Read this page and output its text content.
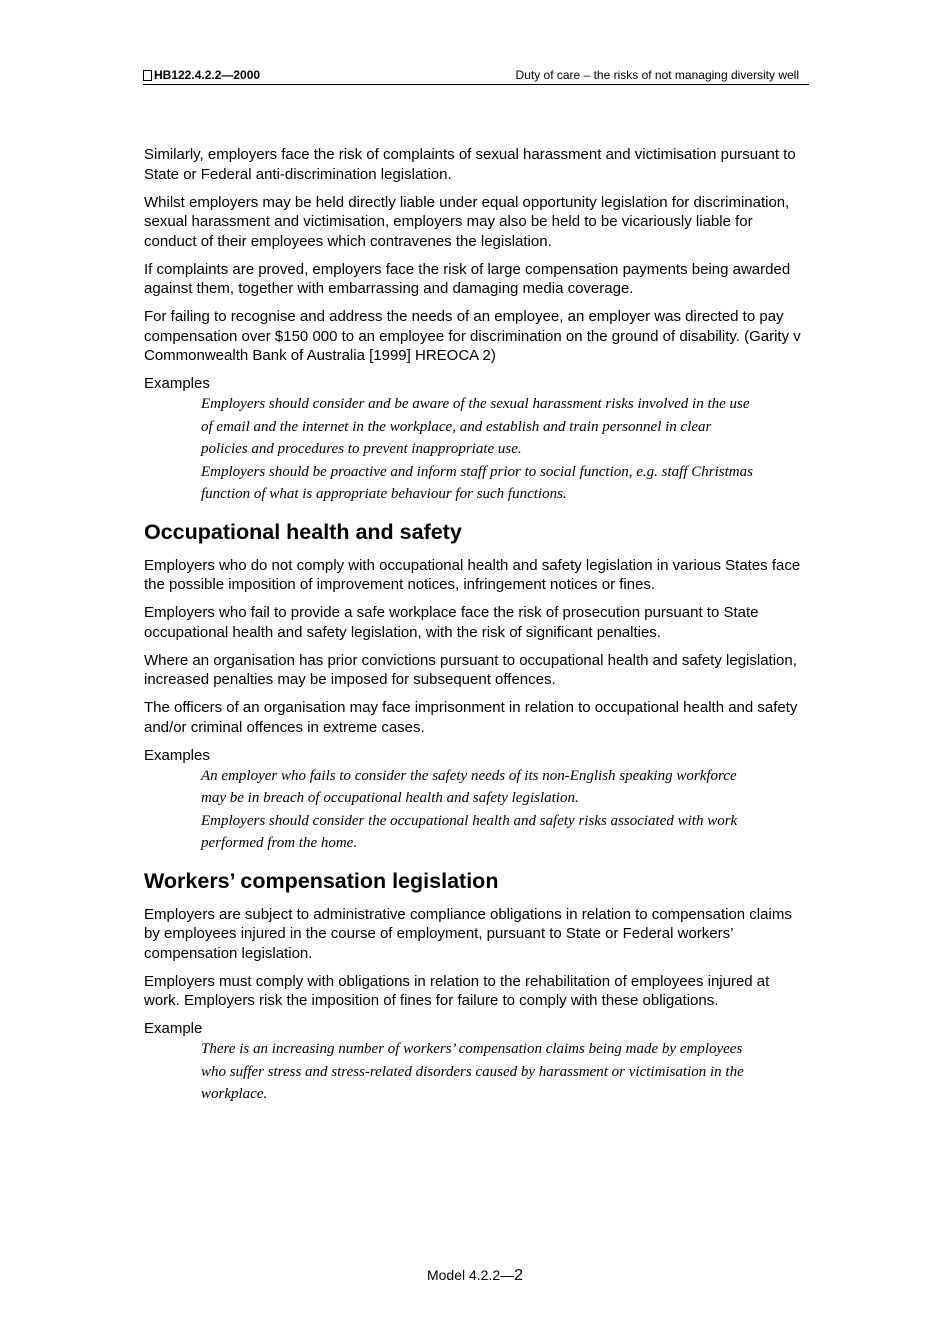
HB122.4.2.2—2000	Duty of care – the risks of not managing diversity well

Similarly, employers face the risk of complaints of sexual harassment and victimisation pursuant to State or Federal anti-discrimination legislation.

Whilst employers may be held directly liable under equal opportunity legislation for discrimination, sexual harassment and victimisation, employers may also be held to be vicariously liable for conduct of their employees which contravenes the legislation.

If complaints are proved, employers face the risk of large compensation payments being awarded against them, together with embarrassing and damaging media coverage.

For failing to recognise and address the needs of an employee, an employer was directed to pay compensation over $150 000 to an employee for discrimination on the ground of disability. (Garity v Commonwealth Bank of Australia [1999] HREOCA 2)

Examples

Employers should consider and be aware of the sexual harassment risks involved in the use of email and the internet in the workplace, and establish and train personnel in clear policies and procedures to prevent inappropriate use.

Employers should be proactive and inform staff prior to social function, e.g. staff Christmas function of what is appropriate behaviour for such functions.

Occupational health and safety

Employers who do not comply with occupational health and safety legislation in various States face the possible imposition of improvement notices, infringement notices or fines.

Employers who fail to provide a safe workplace face the risk of prosecution pursuant to State occupational health and safety legislation, with the risk of significant penalties.

Where an organisation has prior convictions pursuant to occupational health and safety legislation, increased penalties may be imposed for subsequent offences.

The officers of an organisation may face imprisonment in relation to occupational health and safety and/or criminal offences in extreme cases.

Examples

An employer who fails to consider the safety needs of its non-English speaking workforce may be in breach of occupational health and safety legislation.

Employers should consider the occupational health and safety risks associated with work performed from the home.

Workers’ compensation legislation

Employers are subject to administrative compliance obligations in relation to compensation claims by employees injured in the course of employment, pursuant to State or Federal workers’ compensation legislation.

Employers must comply with obligations in relation to the rehabilitation of employees injured at work. Employers risk the imposition of fines for failure to comply with these obligations.

Example

There is an increasing number of workers’ compensation claims being made by employees who suffer stress and stress-related disorders caused by harassment or victimisation in the workplace.

Model 4.2.2—2
